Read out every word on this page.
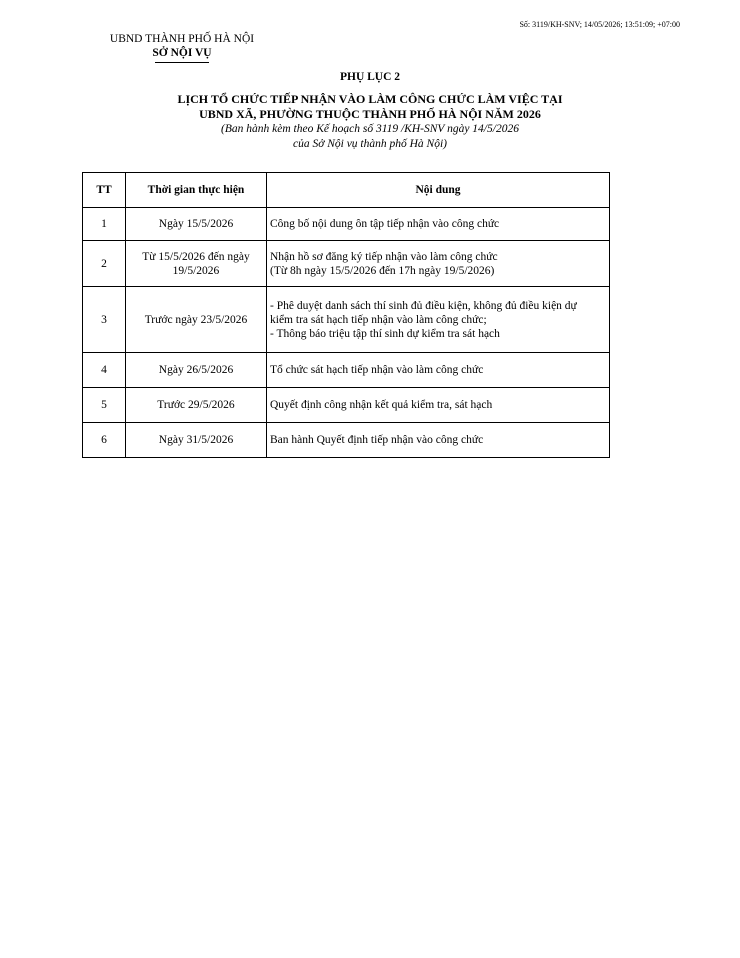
Số: 3119/KH-SNV; 14/05/2026; 13:51:09; +07:00
UBND THÀNH PHỐ HÀ NỘI
SỞ NỘI VỤ
PHỤ LỤC 2
LỊCH TỔ CHỨC TIẾP NHẬN VÀO LÀM CÔNG CHỨC LÀM VIỆC TẠI
UBND XÃ, PHƯỜNG THUỘC THÀNH PHỐ HÀ NỘI NĂM 2026
(Ban hành kèm theo Kế hoạch số 3119 /KH-SNV ngày 14/5/2026
của Sở Nội vụ thành phố Hà Nội)
TT	Thời gian thực hiện	Nội dung
1	Ngày 15/5/2026	Công bố nội dung ôn tập tiếp nhận vào công chức

2	Từ 15/5/2026 đến ngày
19/5/2026	Nhận hồ sơ đăng ký tiếp nhận vào làm công chức
(Từ 8h ngày 15/5/2026 đến 17h ngày 19/5/2026)

3	Trước ngày 23/5/2026	- Phê duyệt danh sách thí sinh đủ điều kiện, không đủ điều kiện dự
kiểm tra sát hạch tiếp nhận vào làm công chức;
- Thông báo triệu tập thí sinh dự kiểm tra sát hạch

4	Ngày 26/5/2026	Tổ chức sát hạch tiếp nhận vào làm công chức

5	Trước 29/5/2026	Quyết định công nhận kết quả kiểm tra, sát hạch

6	Ngày 31/5/2026	Ban hành Quyết định tiếp nhận vào công chức
